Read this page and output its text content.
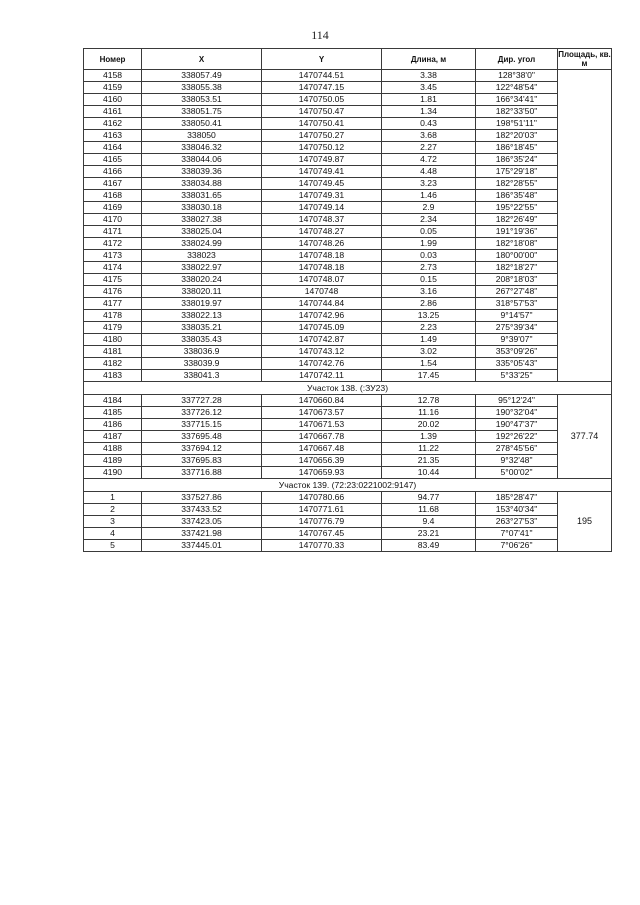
114
Номер	X	Y	Длина, м	Дир. угол	Площадь, кв. м
4158	338057.49	1470744.51	3.38	128°38'0"	
4159	338055.38	1470747.15	3.45	122°48'54"	
4160	338053.51	1470750.05	1.81	166°34'41"	
4161	338051.75	1470750.47	1.34	182°33'50"	
4162	338050.41	1470750.41	0.43	198°51'11"	
4163	338050	1470750.27	3.68	182°20'03"	
4164	338046.32	1470750.12	2.27	186°18'45"	
4165	338044.06	1470749.87	4.72	186°35'24"	
4166	338039.36	1470749.41	4.48	175°29'18"	
4167	338034.88	1470749.45	3.23	182°28'55"	
4168	338031.65	1470749.31	1.46	186°35'48"	
4169	338030.18	1470749.14	2.9	195°22'55"	
4170	338027.38	1470748.37	2.34	182°26'49"	
4171	338025.04	1470748.27	0.05	191°19'36"	
4172	338024.99	1470748.26	1.99	182°18'08"	
4173	338023	1470748.18	0.03	180°00'00"	
4174	338022.97	1470748.18	2.73	182°18'27"	
4175	338020.24	1470748.07	0.15	208°18'03"	
4176	338020.11	1470748	3.16	267°27'48"	
4177	338019.97	1470744.84	2.86	318°57'53"	
4178	338022.13	1470742.96	13.25	9°14'57"	
4179	338035.21	1470745.09	2.23	275°39'34"	
4180	338035.43	1470742.87	1.49	9°39'07"	
4181	338036.9	1470743.12	3.02	353°09'26"	
4182	338039.9	1470742.76	1.54	335°05'43"	
4183	338041.3	1470742.11	17.45	5°33'25"	
Участок 138. (:ЗУ23)					
4184	337727.28	1470660.84	12.78	95°12'24"	377.74
4185	337726.12	1470673.57	11.16	190°32'04"	
4186	337715.15	1470671.53	20.02	190°47'37"	
4187	337695.48	1470667.78	1.39	192°26'22"	
4188	337694.12	1470667.48	11.22	278°45'56"	
4189	337695.83	1470656.39	21.35	9°32'48"	
4190	337716.88	1470659.93	10.44	5°00'02"	
Участок 139. (72:23:0221002:9147)					
1	337527.86	1470780.66	94.77	185°28'47"	195
2	337433.52	1470771.61	11.68	153°40'34"	
3	337423.05	1470776.79	9.4	263°27'53"	
4	337421.98	1470767.45	23.21	7°07'41"	
5	337445.01	1470770.33	83.49	7°06'26"	
